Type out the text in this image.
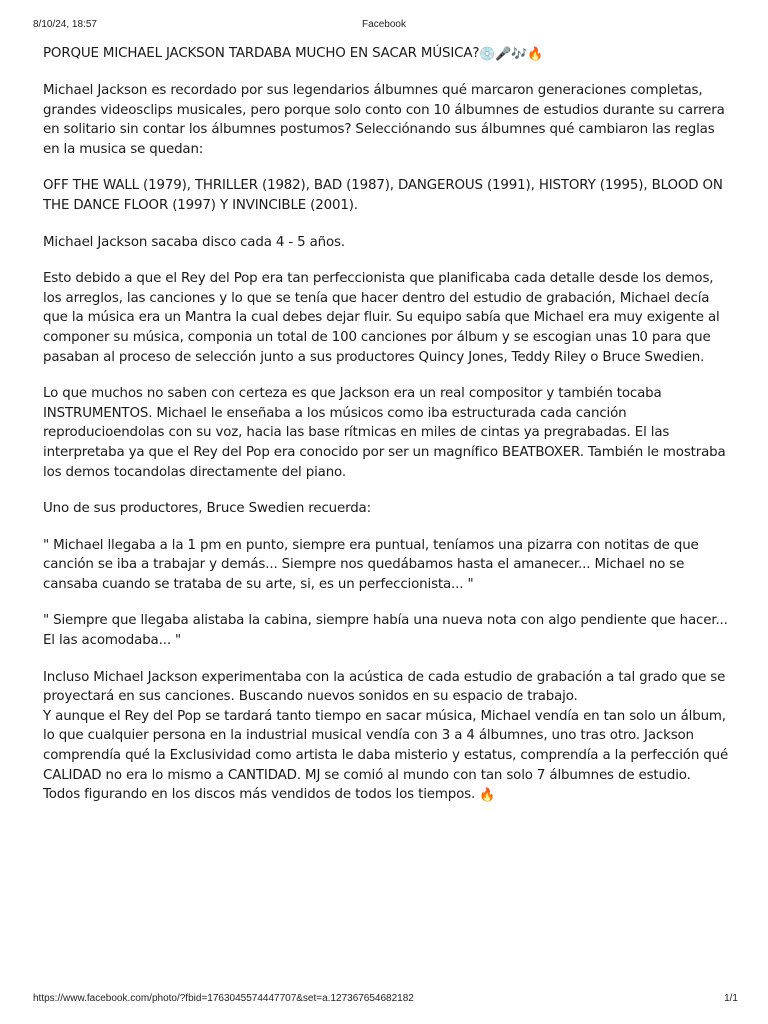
8/10/24, 18:57	Facebook

PORQUE MICHAEL JACKSON TARDABA MUCHO EN SACAR MÚSICA?💿🎤🎶🔥

Michael Jackson es recordado por sus legendarios álbumnes qué marcaron generaciones completas, grandes videosclips musicales, pero porque solo conto con 10 álbumnes de estudios durante su carrera en solitario sin contar los álbumnes postumos? Selecciónando sus álbumnes qué cambiaron las reglas en la musica se quedan:

OFF THE WALL (1979), THRILLER (1982), BAD (1987), DANGEROUS (1991), HISTORY (1995), BLOOD ON THE DANCE FLOOR (1997) Y INVINCIBLE (2001).

Michael Jackson sacaba disco cada 4 - 5 años.

Esto debido a que el Rey del Pop era tan perfeccionista que planificaba cada detalle desde los demos, los arreglos, las canciones y lo que se tenía que hacer dentro del estudio de grabación, Michael decía que la música era un Mantra la cual debes dejar fluir. Su equipo sabía que Michael era muy exigente al componer su música, componia un total de 100 canciones por álbum y se escogian unas 10 para que pasaban al proceso de selección junto a sus productores Quincy Jones, Teddy Riley o Bruce Swedien.

Lo que muchos no saben con certeza es que Jackson era un real compositor y también tocaba INSTRUMENTOS. Michael le enseñaba a los músicos como iba estructurada cada canción reproducioendolas con su voz, hacia las base rítmicas en miles de cintas ya pregrabadas. El las interpretaba ya que el Rey del Pop era conocido por ser un magnífico BEATBOXER. También le mostraba los demos tocandolas directamente del piano.

Uno de sus productores, Bruce Swedien recuerda:

" Michael llegaba a la 1 pm en punto, siempre era puntual, teníamos una pizarra con notitas de que canción se iba a trabajar y demás... Siempre nos quedábamos hasta el amanecer... Michael no se cansaba cuando se trataba de su arte, si, es un perfeccionista... "

" Siempre que llegaba alistaba la cabina, siempre había una nueva nota con algo pendiente que hacer... El las acomodaba... "

Incluso Michael Jackson experimentaba con la acústica de cada estudio de grabación a tal grado que se proyectará en sus canciones. Buscando nuevos sonidos en su espacio de trabajo.

Y aunque el Rey del Pop se tardará tanto tiempo en sacar música, Michael vendía en tan solo un álbum, lo que cualquier persona en la industrial musical vendía con 3 a 4 álbumnes, uno tras otro. Jackson comprendía qué la Exclusividad como artista le daba misterio y estatus, comprendía a la perfección qué CALIDAD no era lo mismo a CANTIDAD. MJ se comió al mundo con tan solo 7 álbumnes de estudio. Todos figurando en los discos más vendidos de todos los tiempos. 🔥

https://www.facebook.com/photo/?fbid=1763045574447707&set=a.127367654682182	1/1
